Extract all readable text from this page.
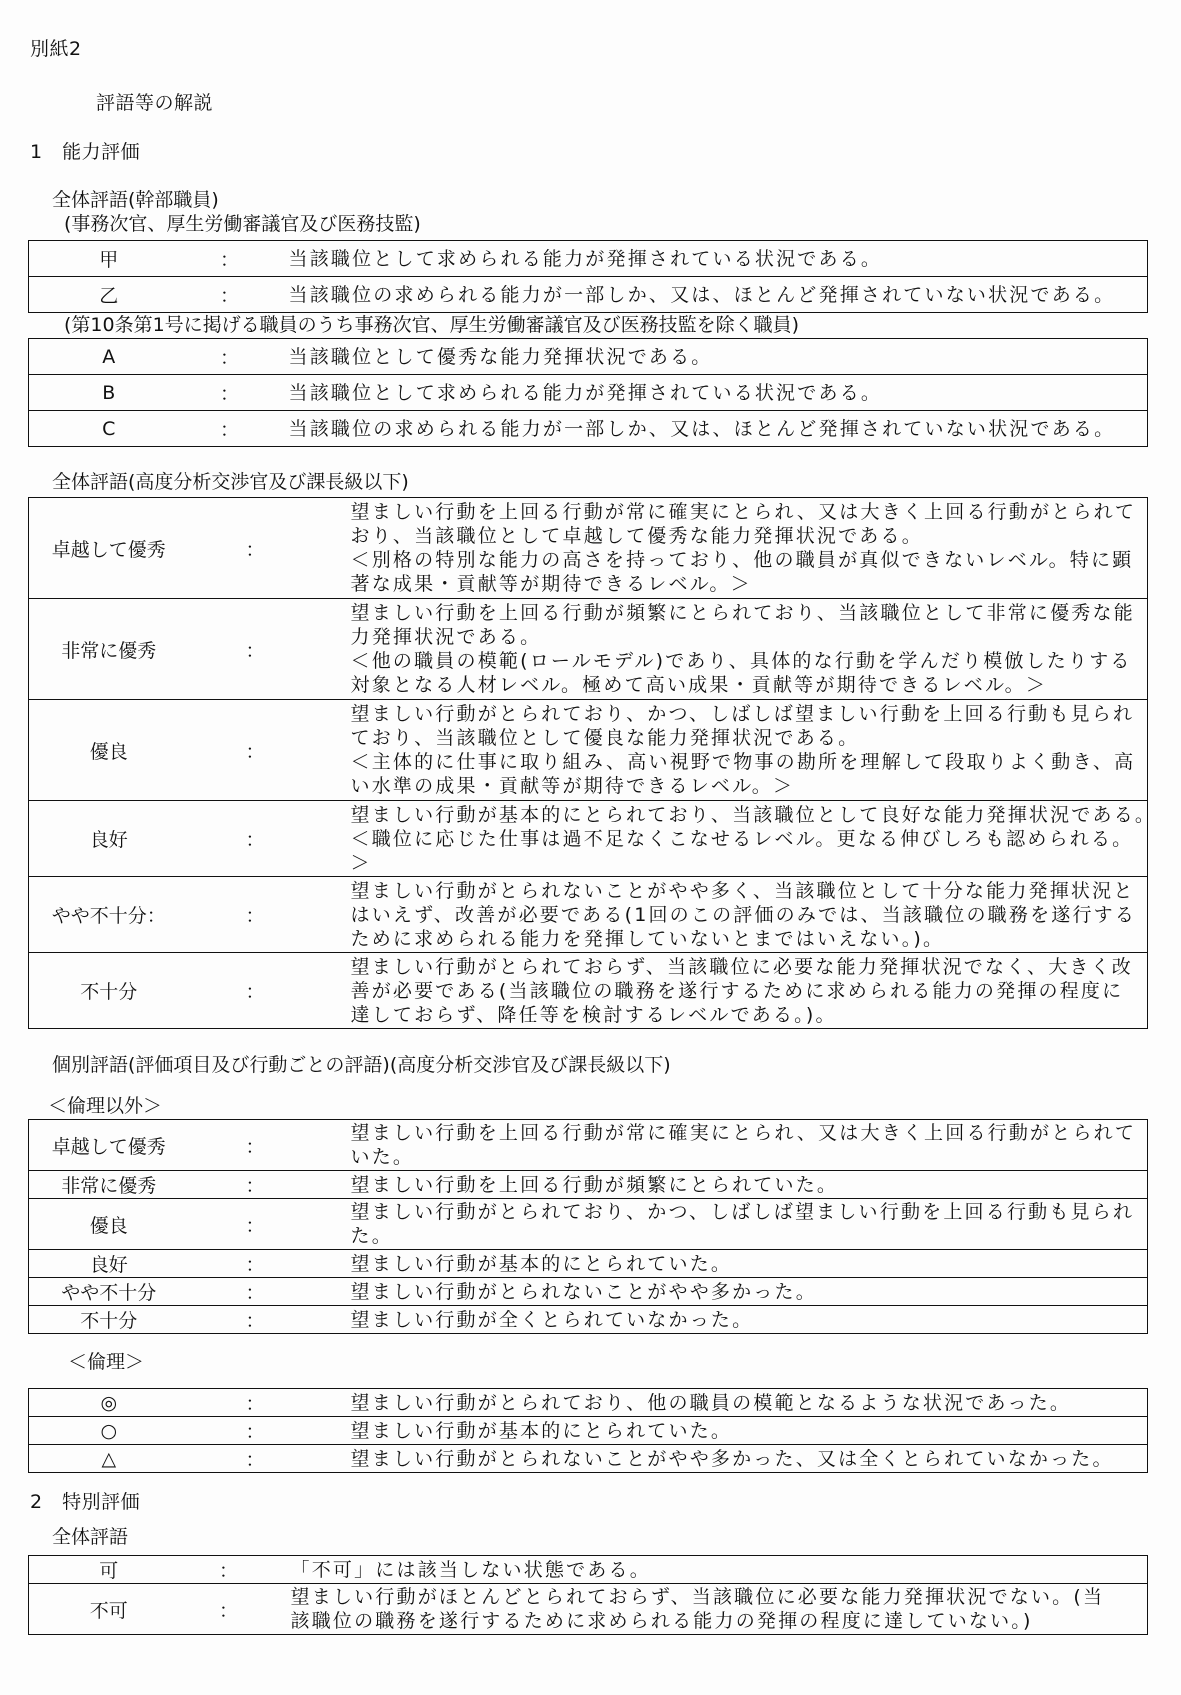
別紙2
評語等の解説
1　能力評価
全体評語(幹部職員)
(事務次官、厚生労働審議官及び医務技監)
甲	：	当該職位として求められる能力が発揮されている状況である。
乙	：	当該職位の求められる能力が一部しか、又は、ほとんど発揮されていない状況である。
(第10条第1号に掲げる職員のうち事務次官、厚生労働審議官及び医務技監を除く職員)
A	：	当該職位として優秀な能力発揮状況である。
B	：	当該職位として求められる能力が発揮されている状況である。
C	：	当該職位の求められる能力が一部しか、又は、ほとんど発揮されていない状況である。
全体評語(高度分析交渉官及び課長級以下)
卓越して優秀	：	望ましい行動を上回る行動が常に確実にとられ、又は大きく上回る行動がとられて
おり、当該職位として卓越して優秀な能力発揮状況である。
＜別格の特別な能力の高さを持っており、他の職員が真似できないレベル。特に顕
著な成果・貢献等が期待できるレベル。＞

非常に優秀	：	望ましい行動を上回る行動が頻繁にとられており、当該職位として非常に優秀な能
力発揮状況である。
＜他の職員の模範(ロールモデル)であり、具体的な行動を学んだり模倣したりする
対象となる人材レベル。極めて高い成果・貢献等が期待できるレベル。＞

優良	：	望ましい行動がとられており、かつ、しばしば望ましい行動を上回る行動も見られ
ており、当該職位として優良な能力発揮状況である。
＜主体的に仕事に取り組み、高い視野で物事の勘所を理解して段取りよく動き、高
い水準の成果・貢献等が期待できるレベル。＞

良好	：	望ましい行動が基本的にとられており、当該職位として良好な能力発揮状況である。
＜職位に応じた仕事は過不足なくこなせるレベル。更なる伸びしろも認められる。
＞

やや不十分：	：	望ましい行動がとられないことがやや多く、当該職位として十分な能力発揮状況と
はいえず、改善が必要である(1回のこの評価のみでは、当該職位の職務を遂行する
ために求められる能力を発揮していないとまではいえない。)。

不十分	：	望ましい行動がとられておらず、当該職位に必要な能力発揮状況でなく、大きく改
善が必要である(当該職位の職務を遂行するために求められる能力の発揮の程度に
達しておらず、降任等を検討するレベルである。)。
個別評語(評価項目及び行動ごとの評語)(高度分析交渉官及び課長級以下)
＜倫理以外＞
卓越して優秀	：	望ましい行動を上回る行動が常に確実にとられ、又は大きく上回る行動がとられて
いた。

非常に優秀	：	望ましい行動を上回る行動が頻繁にとられていた。

優良	：	望ましい行動がとられており、かつ、しばしば望ましい行動を上回る行動も見られ
た。

良好	：	望ましい行動が基本的にとられていた。

やや不十分	：	望ましい行動がとられないことがやや多かった。

不十分	：	望ましい行動が全くとられていなかった。
＜倫理＞
◎	：	望ましい行動がとられており、他の職員の模範となるような状況であった。

○	：	望ましい行動が基本的にとられていた。

△	：	望ましい行動がとられないことがやや多かった、又は全くとられていなかった。
2　特別評価
全体評語
可	：	「不可」には該当しない状態である。

不可	：	望ましい行動がほとんどとられておらず、当該職位に必要な能力発揮状況でない。(当
該職位の職務を遂行するために求められる能力の発揮の程度に達していない。)
